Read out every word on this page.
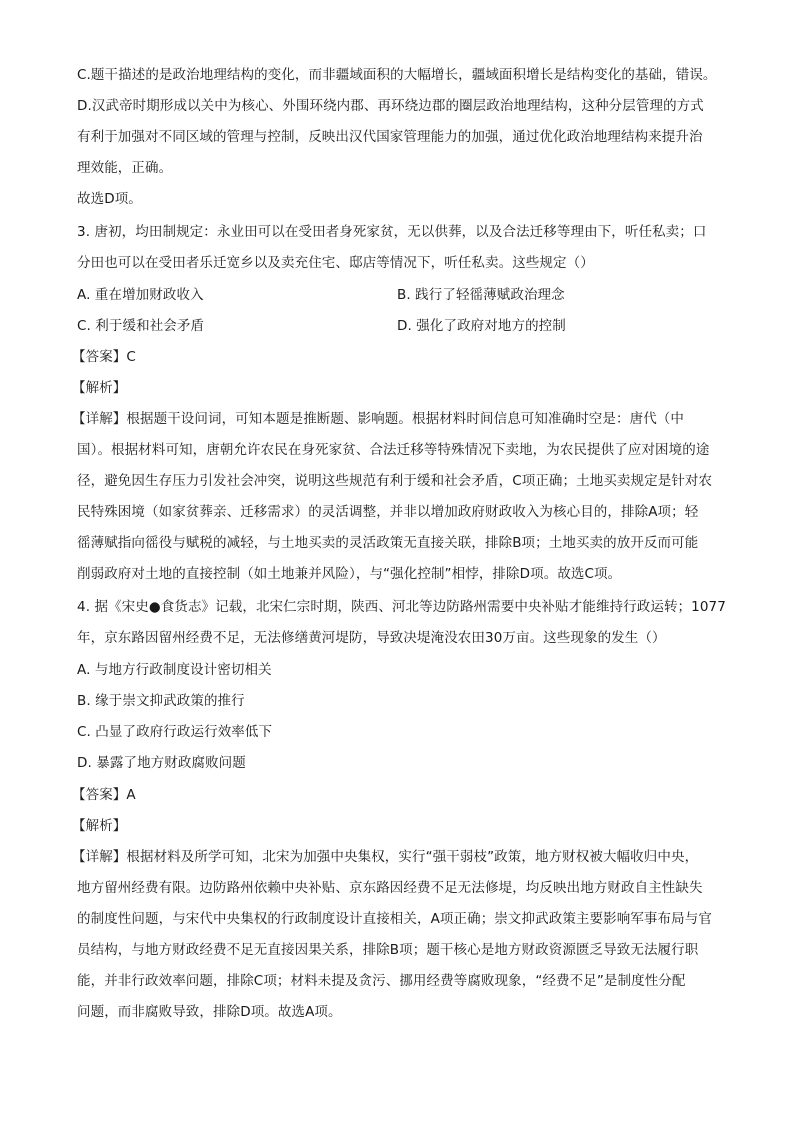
C.题干描述的是政治地理结构的变化，而非疆域面积的大幅增长，疆域面积增长是结构变化的基础，错误。
D.汉武帝时期形成以关中为核心、外围环绕内郡、再环绕边郡的圈层政治地理结构，这种分层管理的方式
有利于加强对不同区域的管理与控制，反映出汉代国家管理能力的加强，通过优化政治地理结构来提升治
理效能，正确。
故选D项。
3. 唐初，均田制规定：永业田可以在受田者身死家贫，无以供葬，以及合法迁移等理由下，听任私卖；口
分田也可以在受田者乐迁宽乡以及卖充住宅、邸店等情况下，听任私卖。这些规定（）
A. 重在增加财政收入	B. 践行了轻徭薄赋政治理念
C. 利于缓和社会矛盾	D. 强化了政府对地方的控制
【答案】C
【解析】
【详解】根据题干设问词，可知本题是推断题、影响题。根据材料时间信息可知准确时空是：唐代（中
国）。根据材料可知，唐朝允许农民在身死家贫、合法迁移等特殊情况下卖地，为农民提供了应对困境的途
径，避免因生存压力引发社会冲突，说明这些规范有利于缓和社会矛盾，C项正确；土地买卖规定是针对农
民特殊困境（如家贫葬亲、迁移需求）的灵活调整，并非以增加政府财政收入为核心目的，排除A项；轻
徭薄赋指向徭役与赋税的减轻，与土地买卖的灵活政策无直接关联，排除B项；土地买卖的放开反而可能
削弱政府对土地的直接控制（如土地兼并风险），与“强化控制”相悖，排除D项。故选C项。
4. 据《宋史●食货志》记载，北宋仁宗时期，陕西、河北等边防路州需要中央补贴才能维持行政运转；1077
年，京东路因留州经费不足，无法修缮黄河堤防，导致决堤淹没农田30万亩。这些现象的发生（）
A. 与地方行政制度设计密切相关
B. 缘于崇文抑武政策的推行
C. 凸显了政府行政运行效率低下
D. 暴露了地方财政腐败问题
【答案】A
【解析】
【详解】根据材料及所学可知，北宋为加强中央集权，实行“强干弱枝”政策，地方财权被大幅收归中央，
地方留州经费有限。边防路州依赖中央补贴、京东路因经费不足无法修堤，均反映出地方财政自主性缺失
的制度性问题，与宋代中央集权的行政制度设计直接相关，A项正确；崇文抑武政策主要影响军事布局与官
员结构，与地方财政经费不足无直接因果关系，排除B项；题干核心是地方财政资源匮乏导致无法履行职
能，并非行政效率问题，排除C项；材料未提及贪污、挪用经费等腐败现象，“经费不足”是制度性分配
问题，而非腐败导致，排除D项。故选A项。
